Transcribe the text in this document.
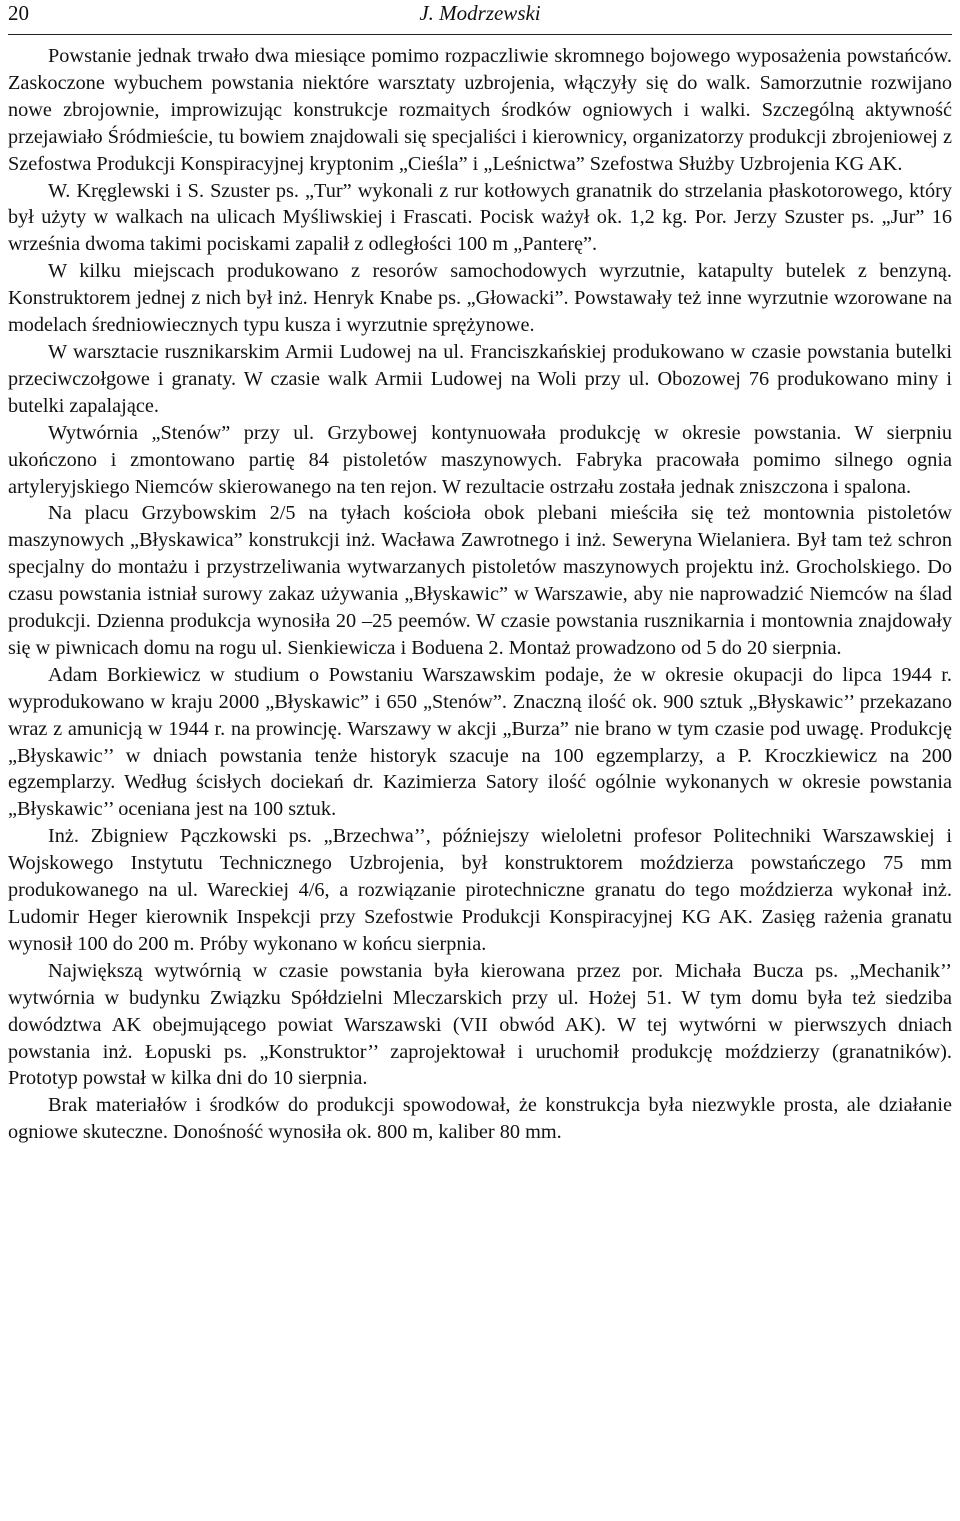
20	J. Modrzewski

Powstanie jednak trwało dwa miesiące pomimo rozpaczliwie skromnego bojowego wyposażenia powstańców. Zaskoczone wybuchem powstania niektóre warsztaty uzbrojenia, włączyły się do walk. Samorzutnie rozwijano nowe zbrojownie, improwizując konstrukcje rozmaitych środków ogniowych i walki. Szczególną aktywność przejawiało Śródmieście, tu bowiem znajdowali się specjaliści i kierownicy, organizatorzy produkcji zbrojeniowej z Szefostwa Produkcji Konspiracyjnej kryptonim „Cieśla” i „Leśnictwa” Szefostwa Służby Uzbrojenia KG AK.

W. Kręglewski i S. Szuster ps. „Tur” wykonali z rur kotłowych granatnik do strzelania płaskotorowego, który był użyty w walkach na ulicach Myśliwskiej i Frascati. Pocisk ważył ok. 1,2 kg. Por. Jerzy Szuster ps. „Jur” 16 września dwoma takimi pociskami zapalił z odległości 100 m „Panterę”.

W kilku miejscach produkowano z resorów samochodowych wyrzutnie, katapulty butelek z benzyną. Konstruktorem jednej z nich był inż. Henryk Knabe ps. „Głowacki”. Powstawały też inne wyrzutnie wzorowane na modelach średniowiecznych typu kusza i wyrzutnie sprężynowe.

W warsztacie rusznikarskim Armii Ludowej na ul. Franciszkańskiej produkowano w czasie powstania butelki przeciwczołgowe i granaty. W czasie walk Armii Ludowej na Woli przy ul. Obozowej 76 produkowano miny i butelki zapalające.

Wytwórnia „Stenów” przy ul. Grzybowej kontynuowała produkcję w okresie powstania. W sierpniu ukończono i zmontowano partię 84 pistoletów maszynowych. Fabryka pracowała pomimo silnego ognia artyleryjskiego Niemców skierowanego na ten rejon. W rezultacie ostrzału została jednak zniszczona i spalona.

Na placu Grzybowskim 2/5 na tyłach kościoła obok plebani mieściła się też montownia pistoletów maszynowych „Błyskawica” konstrukcji inż. Wacława Zawrotnego i inż. Seweryna Wielaniera. Był tam też schron specjalny do montażu i przystrzeliwania wytwarzanych pistoletów maszynowych projektu inż. Grocholskiego. Do czasu powstania istniał surowy zakaz używania „Błyskawic” w Warszawie, aby nie naprowadzić Niemców na ślad produkcji. Dzienna produkcja wynosiła 20 –25 peemów. W czasie powstania rusznikarnia i montownia znajdowały się w piwnicach domu na rogu ul. Sienkiewicza i Boduena 2. Montaż prowadzono od 5 do 20 sierpnia.

Adam Borkiewicz w studium o Powstaniu Warszawskim podaje, że w okresie okupacji do lipca 1944 r. wyprodukowano w kraju 2000 „Błyskawic” i 650 „Stenów”. Znaczną ilość ok. 900 sztuk „Błyskawic’’ przekazano wraz z amunicją w 1944 r. na prowincję. Warszawy w akcji „Burza” nie brano w tym czasie pod uwagę. Produkcję „Błyskawic’’ w dniach powstania tenże historyk szacuje na 100 egzemplarzy, a P. Kroczkiewicz na 200 egzemplarzy. Według ścisłych dociekań dr. Kazimierza Satory ilość ogólnie wykonanych w okresie powstania „Błyskawic’’ oceniana jest na 100 sztuk.

Inż. Zbigniew Pączkowski ps. „Brzechwa’’, późniejszy wieloletni profesor Politechniki Warszawskiej i Wojskowego Instytutu Technicznego Uzbrojenia, był konstruktorem moździerza powstańczego 75 mm produkowanego na ul. Wareckiej 4/6, a rozwiązanie pirotechniczne granatu do tego moździerza wykonał inż. Ludomir Heger kierownik Inspekcji przy Szefostwie Produkcji Konspiracyjnej KG AK. Zasięg rażenia granatu wynosił 100 do 200 m. Próby wykonano w końcu sierpnia.

Największą wytwórnią w czasie powstania była kierowana przez por. Michała Bucza ps. „Mechanik’’ wytwórnia w budynku Związku Spółdzielni Mleczarskich przy ul. Hożej 51. W tym domu była też siedziba dowództwa AK obejmującego powiat Warszawski (VII obwód AK). W tej wytwórni w pierwszych dniach powstania inż. Łopuski ps. „Konstruktor’’ zaprojektował i uruchomił produkcję moździerzy (granatników). Prototyp powstał w kilka dni do 10 sierpnia.

Brak materiałów i środków do produkcji spowodował, że konstrukcja była niezwykle prosta, ale działanie ogniowe skuteczne. Donośność wynosiła ok. 800 m, kaliber 80 mm.
